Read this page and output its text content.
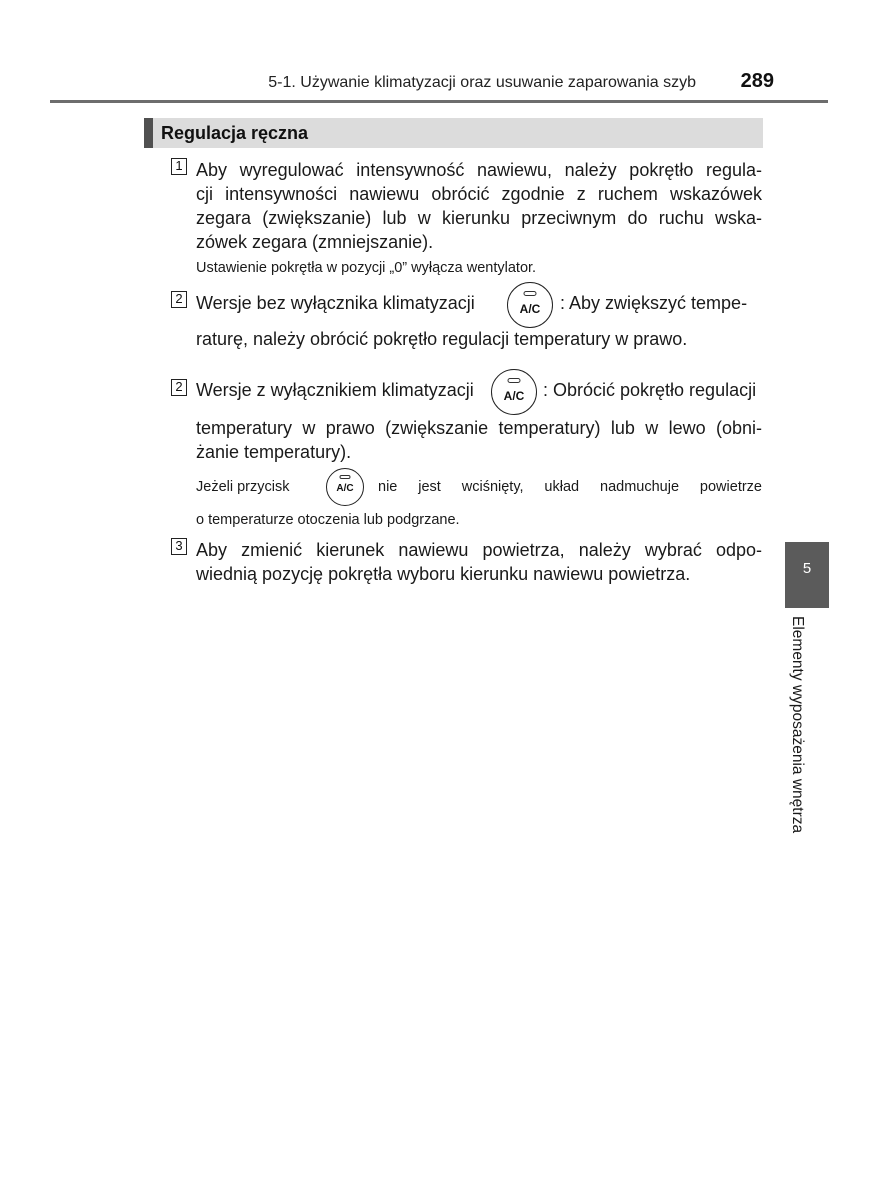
5-1. Używanie klimatyzacji oraz usuwanie zaparowania szyb	289
Regulacja ręczna
1 Aby wyregulować intensywność nawiewu, należy pokrętło regula-
cji intensywności nawiewu obrócić zgodnie z ruchem wskazówek
zegara (zwiększanie) lub w kierunku przeciwnym do ruchu wska-
zówek zegara (zmniejszanie).
Ustawienie pokrętła w pozycji „0” wyłącza wentylator.
2 Wersje bez wyłącznika klimatyzacji	A/C	: Aby zwiększyć tempe-
raturę, należy obrócić pokrętło regulacji temperatury w prawo.
2 Wersje z wyłącznikiem klimatyzacji	A/C	: Obrócić pokrętło regulacji
temperatury w prawo (zwiększanie temperatury) lub w lewo (obni-
żanie temperatury).
Jeżeli przycisk	A/C	nie jest wciśnięty, układ nadmuchuje powietrze
o temperaturze otoczenia lub podgrzane.
3 Aby zmienić kierunek nawiewu powietrza, należy wybrać odpo-
wiednią pozycję pokrętła wyboru kierunku nawiewu powietrza.	5
Elementy wyposażenia wnętrza
